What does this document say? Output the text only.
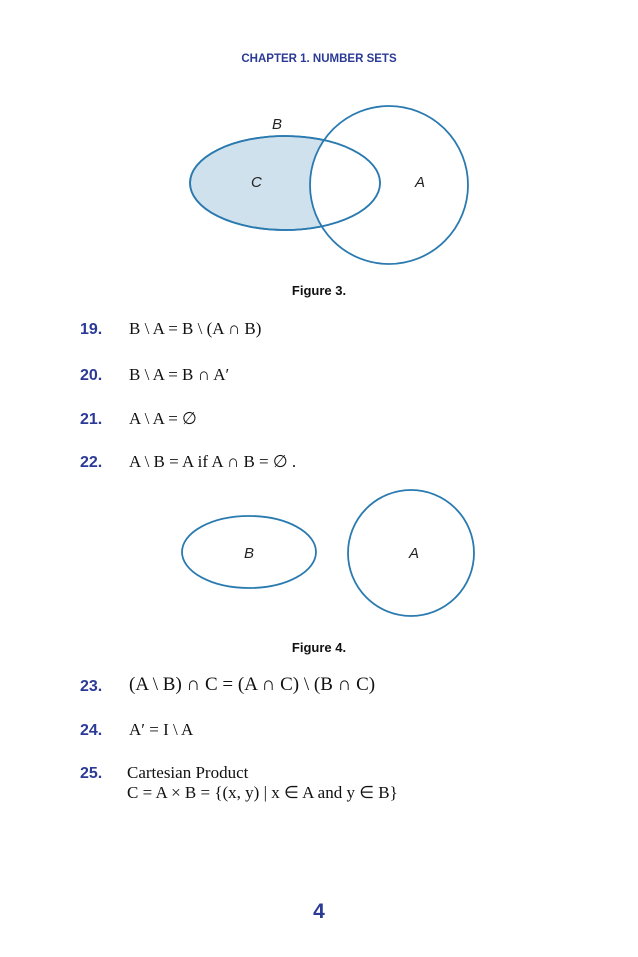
CHAPTER 1. NUMBER SETS
B
C	A
Figure 3.
19. B \ A = B \ (A ∩ B)
20. B \ A = B ∩ A′
21. A \ A = ∅
22. A \ B = A if A ∩ B = ∅ .
B	A
Figure 4.
23. (A \ B) ∩ C = (A ∩ C) \ (B ∩ C)
24. A′ = I \ A
25. Cartesian Product
C = A × B = {(x, y) | x ∈ A and y ∈ B}
4
